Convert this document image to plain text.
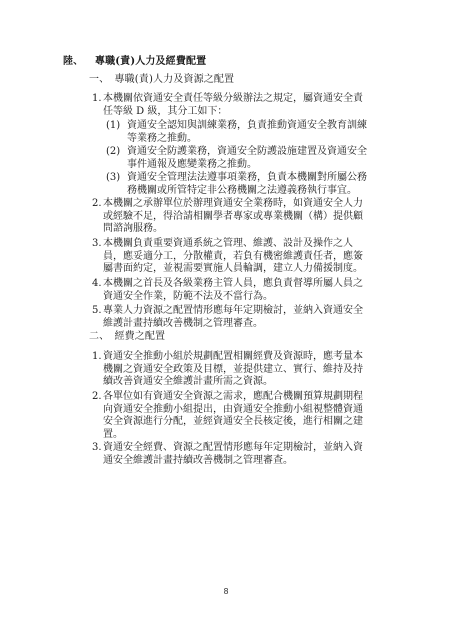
陸、 專職(責)人力及經費配置
一、　專職(責)人力及資源之配置
1. 本機關依資通安全責任等級分級辦法之規定，屬資通安全責
任等級 D 級，其分工如下：
(1) 資通安全認知與訓練業務，負責推動資通安全教育訓練
等業務之推動。
(2) 資通安全防護業務，資通安全防護設施建置及資通安全
事件通報及應變業務之推動。
(3) 資通安全管理法法遵事項業務，負責本機關對所屬公務
務機關或所管特定非公務機關之法遵義務執行事宜。
2. 本機關之承辦單位於辦理資通安全業務時，如資通安全人力
或經驗不足，得洽請相關學者專家或專業機關（構）提供顧
問諮詢服務。
3. 本機關負責重要資通系統之管理、維護、設計及操作之人
員，應妥適分工，分散權責，若負有機密維護責任者，應簽
屬書面約定，並視需要實施人員輪調，建立人力備援制度。
4. 本機關之首長及各級業務主管人員，應負責督導所屬人員之
資通安全作業，防範不法及不當行為。
5. 專業人力資源之配置情形應每年定期檢討，並納入資通安全
維護計畫持續改善機制之管理審查。
二、　經費之配置
1. 資通安全推動小組於規劃配置相關經費及資源時，應考量本
機關之資通安全政策及目標，並提供建立、實行、維持及持
續改善資通安全維護計畫所需之資源。
2. 各單位如有資通安全資源之需求，應配合機關預算規劃期程
向資通安全推動小組提出，由資通安全推動小組視整體資通
安全資源進行分配，並經資通安全長核定後，進行相關之建
置。
3. 資通安全經費、資源之配置情形應每年定期檢討，並納入資
通安全維護計畫持續改善機制之管理審查。
8
